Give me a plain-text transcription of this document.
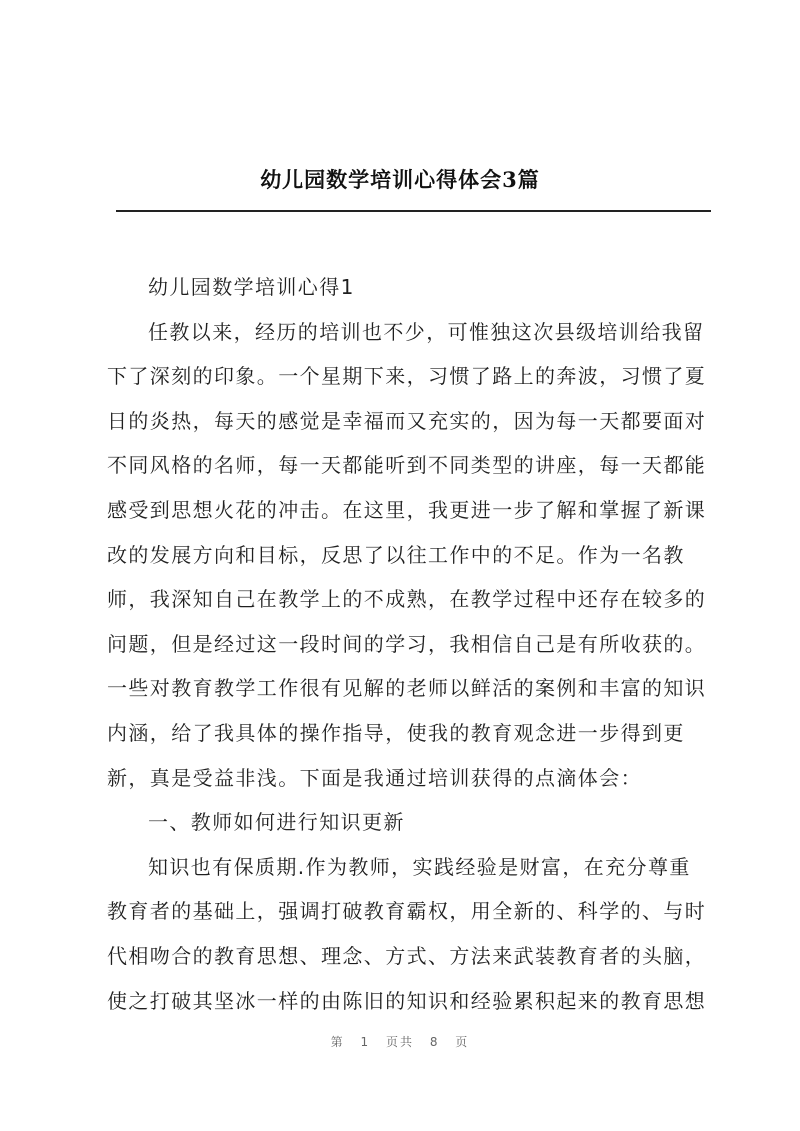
幼儿园数学培训心得体会3篇
幼儿园数学培训心得1
任教以来，经历的培训也不少，可惟独这次县级培训给我留
下了深刻的印象。一个星期下来，习惯了路上的奔波，习惯了夏
日的炎热，每天的感觉是幸福而又充实的，因为每一天都要面对
不同风格的名师，每一天都能听到不同类型的讲座，每一天都能
感受到思想火花的冲击。在这里，我更进一步了解和掌握了新课
改的发展方向和目标，反思了以往工作中的不足。作为一名教
师，我深知自己在教学上的不成熟，在教学过程中还存在较多的
问题，但是经过这一段时间的学习，我相信自己是有所收获的。
一些对教育教学工作很有见解的老师以鲜活的案例和丰富的知识
内涵，给了我具体的操作指导，使我的教育观念进一步得到更
新，真是受益非浅。下面是我通过培训获得的点滴体会：
一、教师如何进行知识更新
知识也有保质期.作为教师，实践经验是财富，在充分尊重
教育者的基础上，强调打破教育霸权，用全新的、科学的、与时
代相吻合的教育思想、理念、方式、方法来武装教育者的头脑，
使之打破其坚冰一样的由陈旧的知识和经验累积起来的教育思想
第 1 页共 8 页
